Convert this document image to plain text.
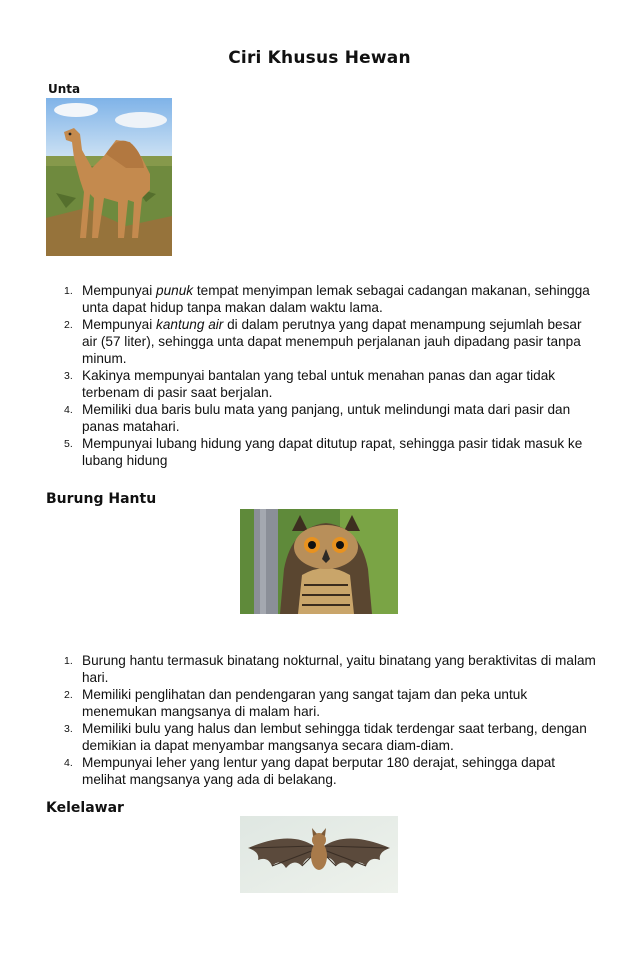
Ciri Khusus Hewan
Unta
1. Mempunyai punuk tempat menyimpan lemak sebagai cadangan makanan, sehingga unta dapat hidup tanpa makan dalam waktu lama.
2. Mempunyai kantung air di dalam perutnya yang dapat menampung sejumlah besar air (57 liter), sehingga unta dapat menempuh perjalanan jauh dipadang pasir tanpa minum.
3. Kakinya mempunyai bantalan yang tebal untuk menahan panas dan agar tidak terbenam di pasir saat berjalan.
4. Memiliki dua baris bulu mata yang panjang, untuk melindungi mata dari pasir dan panas matahari.
5. Mempunyai lubang hidung yang dapat ditutup rapat, sehingga pasir tidak masuk ke lubang hidung
Burung Hantu
1. Burung hantu termasuk binatang nokturnal, yaitu binatang yang beraktivitas di malam hari.
2. Memiliki penglihatan dan pendengaran yang sangat tajam dan peka untuk menemukan mangsanya di malam hari.
3. Memiliki bulu yang halus dan lembut sehingga tidak terdengar saat terbang, dengan demikian ia dapat menyambar mangsanya secara diam-diam.
4. Mempunyai leher yang lentur yang dapat berputar 180 derajat, sehingga dapat melihat mangsanya yang ada di belakang.
Kelelawar
